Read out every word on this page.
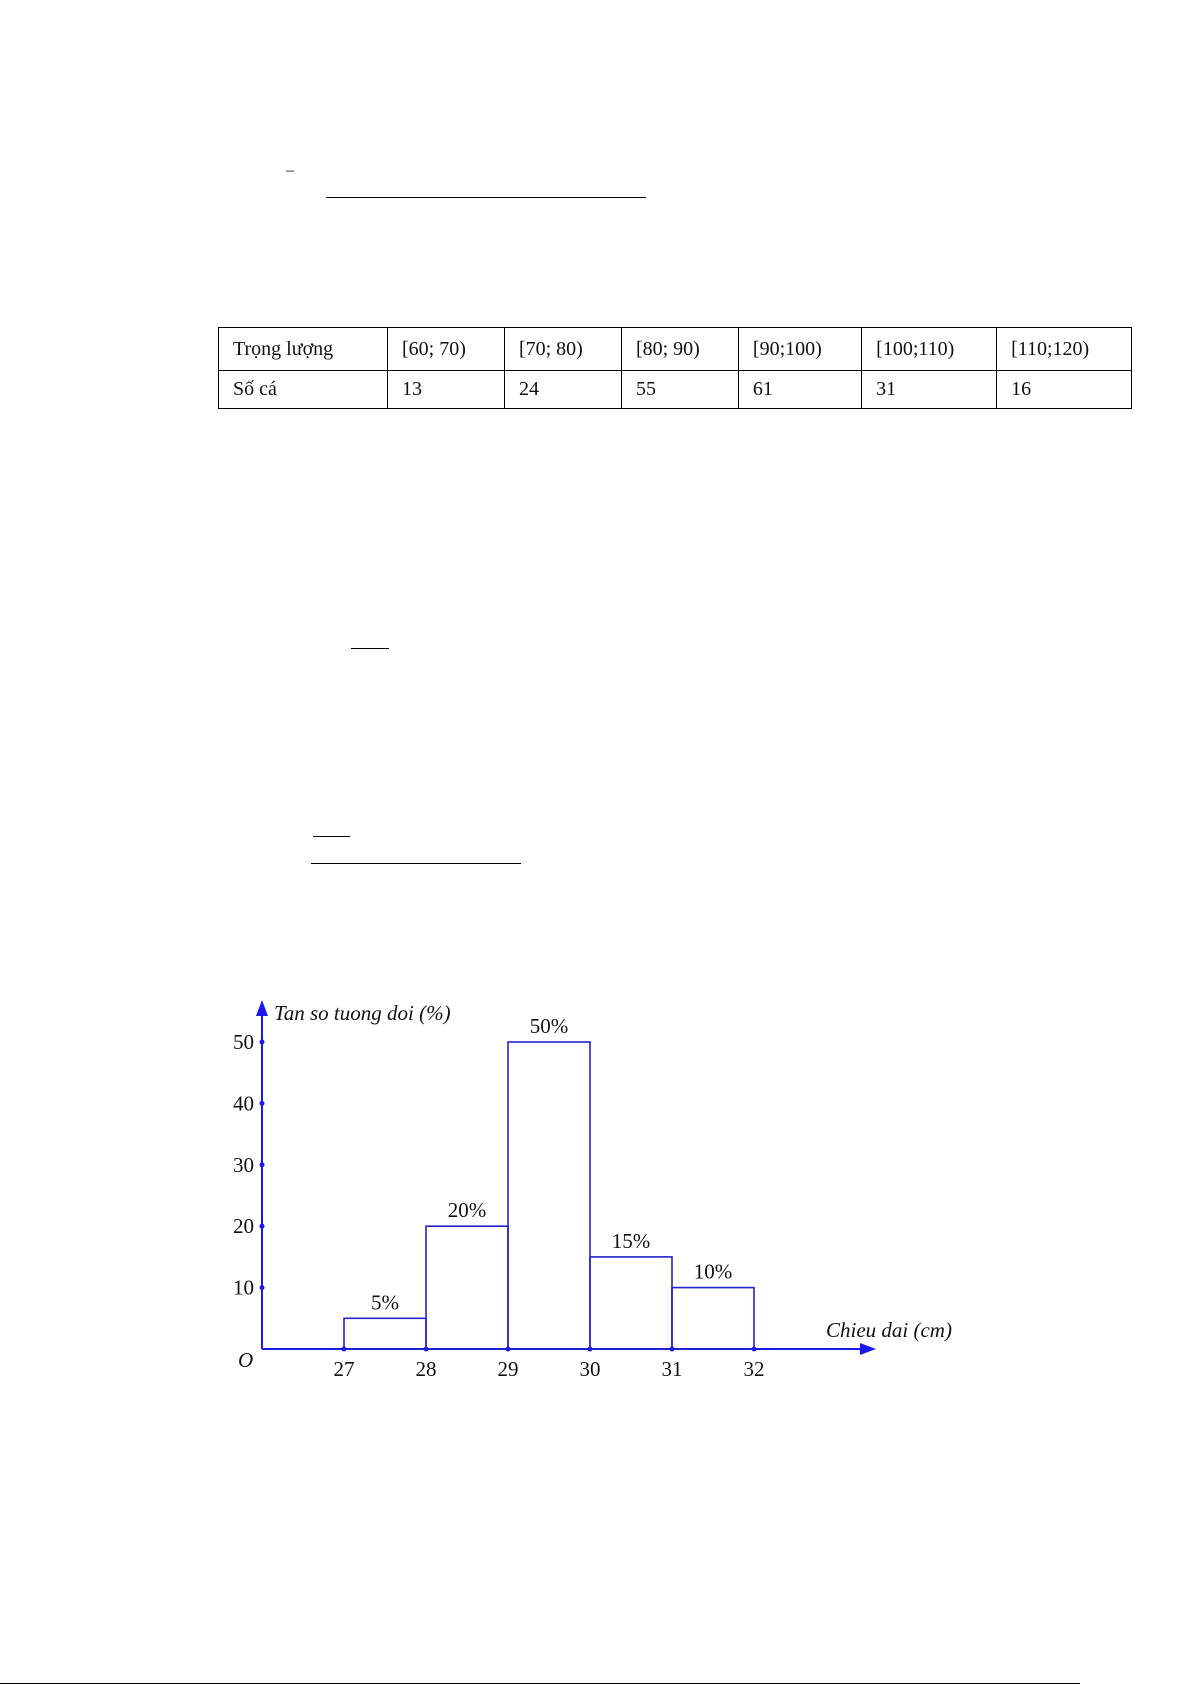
–
Trọng lượng	[60; 70)	[70; 80)	[80; 90)	[90;100)	[100;110)	[110;120)
Số cá	13	24	55	61	31	16
Tan so tuong doi (%)
Chieu dai (cm)
O
10
20
30
40
50
27	28	29	30	31	32
5%
20%
50%
15%
10%
